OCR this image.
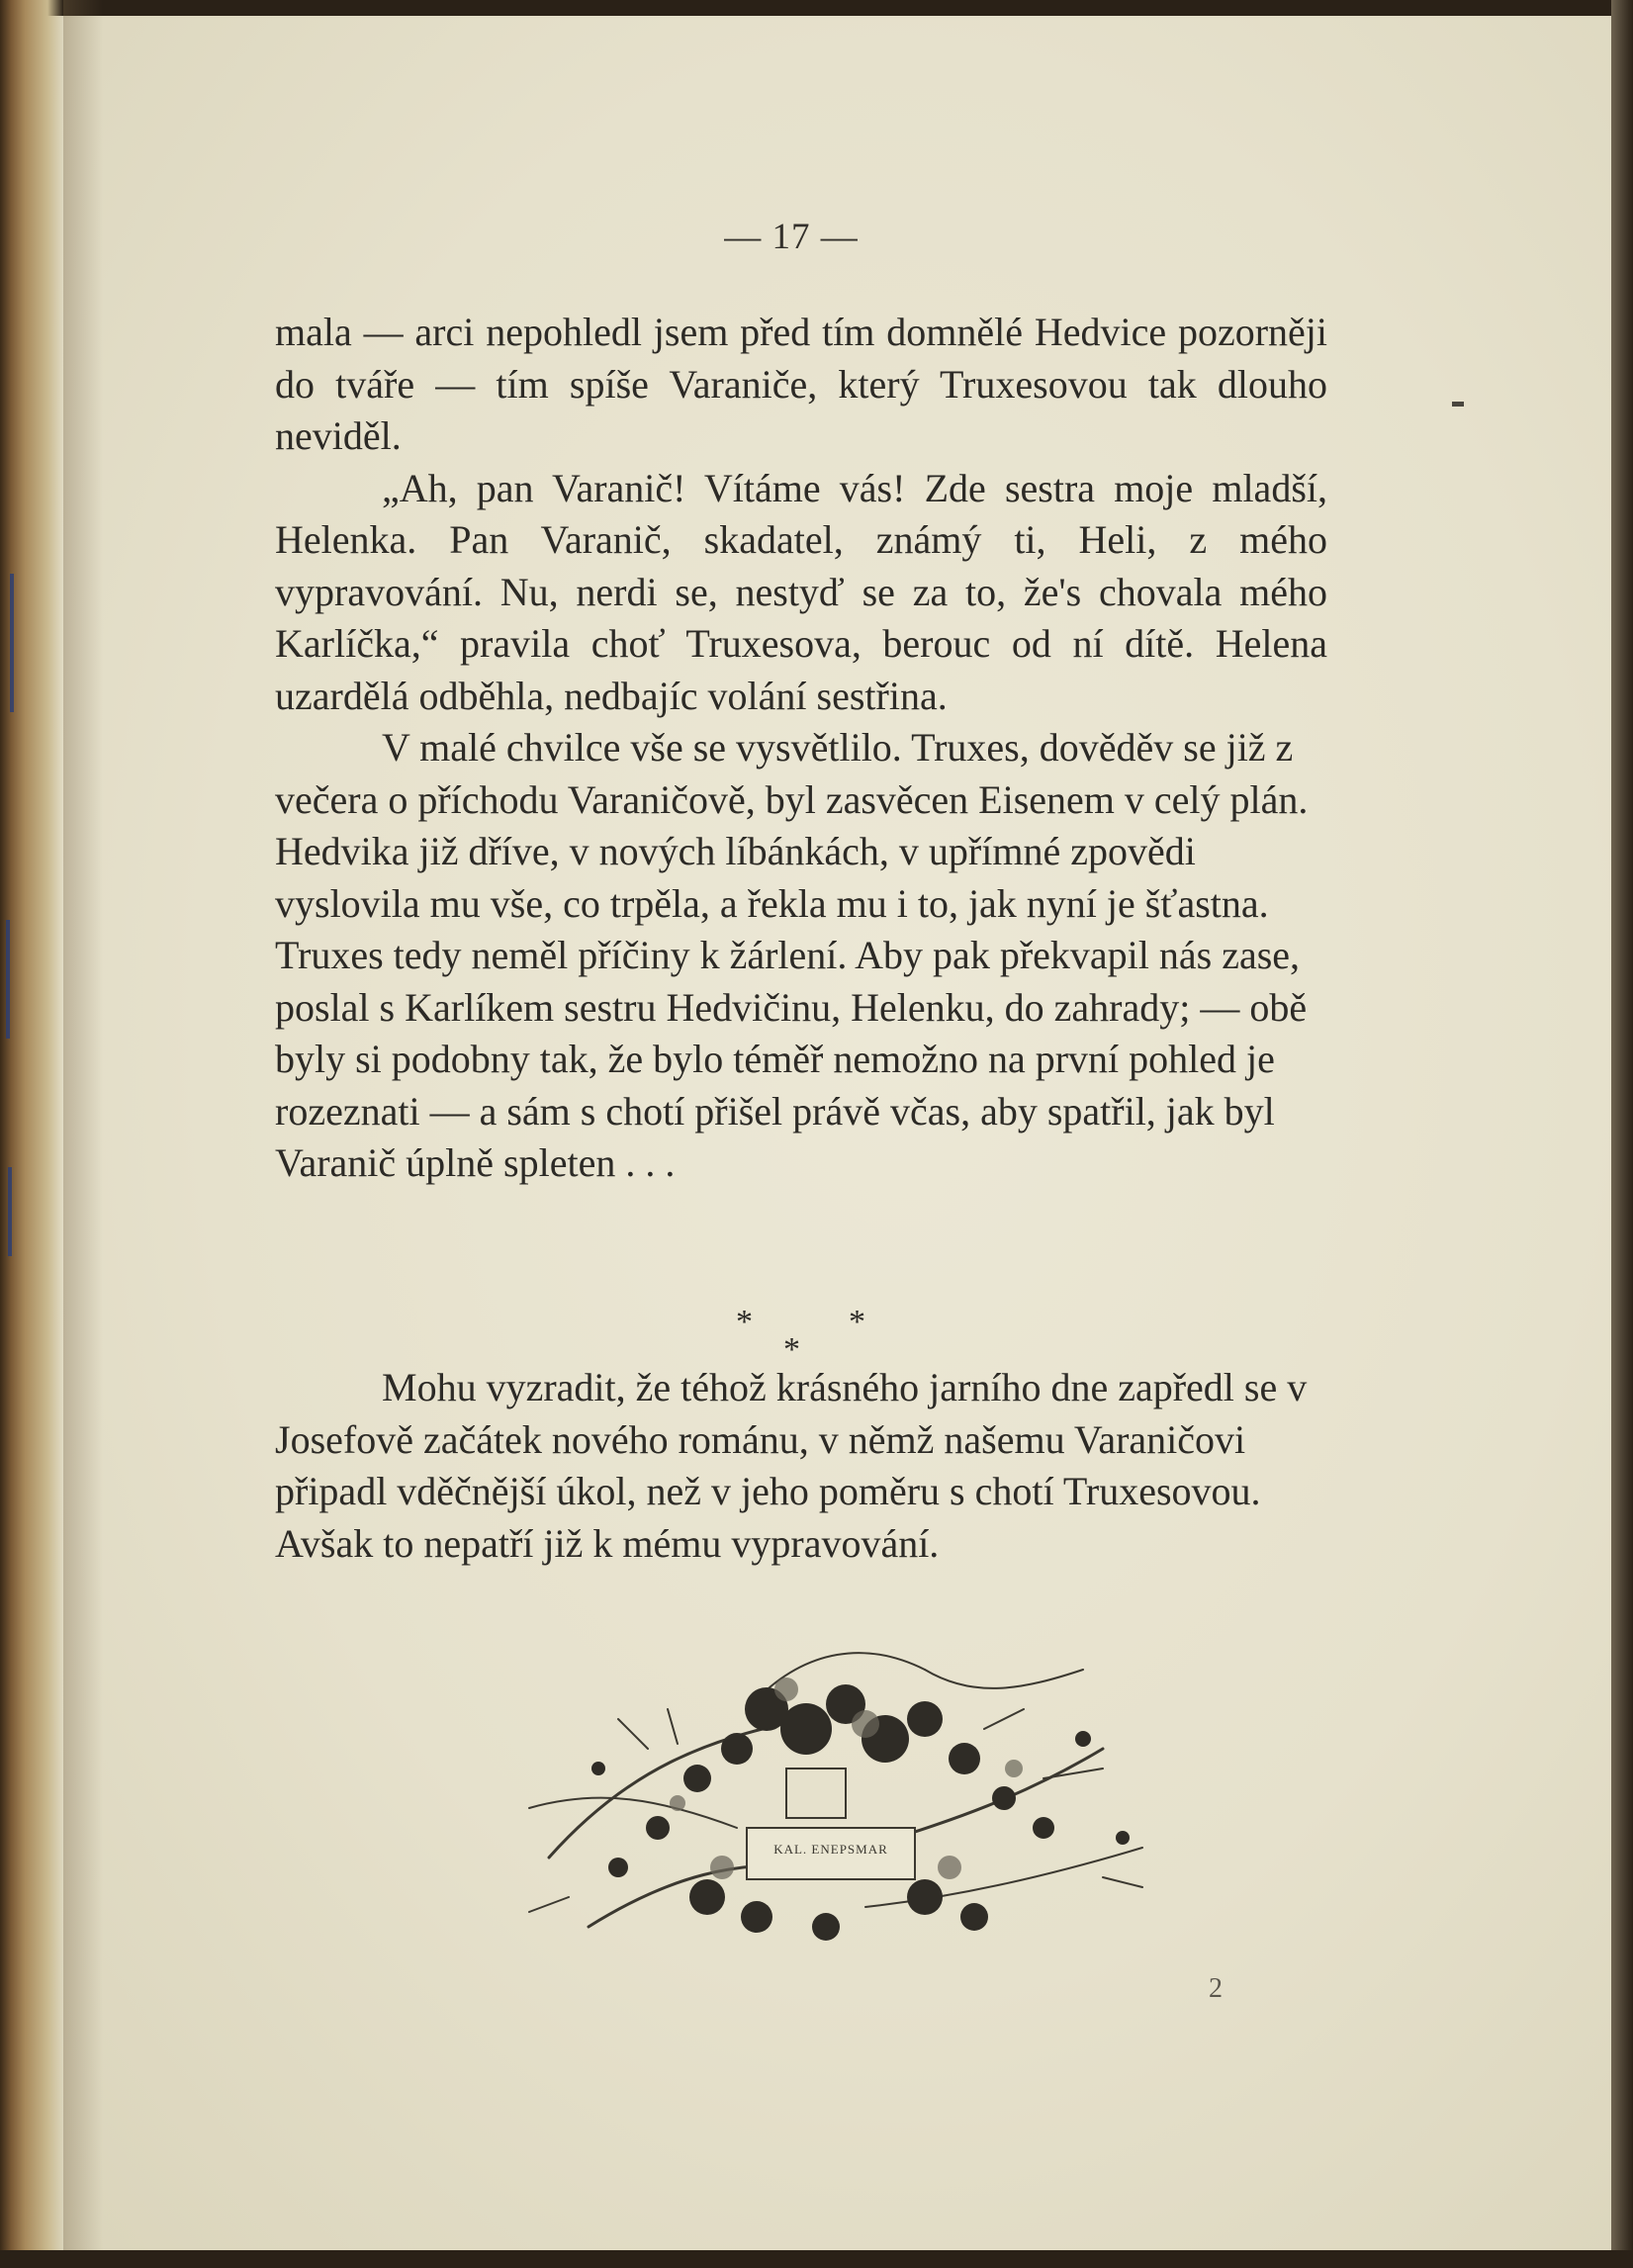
— 17 —

mala — arci nepohledl jsem před tím domnělé Hedvice pozorněji do tváře — tím spíše Varaniče, který Truxesovou tak dlouho neviděl.

„Ah, pan Varanič! Vítáme vás! Zde sestra moje mladší, Helenka. Pan Varanič, skadatel, známý ti, Heli, z mého vypravování. Nu, nerdi se, nestyď se za to, že's chovala mého Karlíčka,“ pravila choť Truxesova, berouc od ní dítě. Helena uzardělá odběhla, nedbajíc volání sestřina.

V malé chvilce vše se vysvětlilo. Truxes, dověděv se již z večera o příchodu Varaničově, byl zasvěcen Eisenem v celý plán. Hedvika již dříve, v nových líbánkách, v upřímné zpovědi vyslovila mu vše, co trpěla, a řekla mu i to, jak nyní je šťastna. Truxes tedy neměl příčiny k žárlení. Aby pak překvapil nás zase, poslal s Karlíkem sestru Hedvičinu, Helenku, do zahrady; — obě byly si podobny tak, že bylo téměř nemožno na první pohled je rozeznati — a sám s chotí přišel právě včas, aby spatřil, jak byl Varanič úplně spleten . . .

*
*
*

Mohu vyzradit, že téhož krásného jarního dne zapředl se v Josefově začátek nového románu, v němž našemu Varaničovi připadl vděčnější úkol, než v jeho poměru s chotí Truxesovou. Avšak to nepatří již k mému vypravování.

KAL. ENEPSMAR
2
